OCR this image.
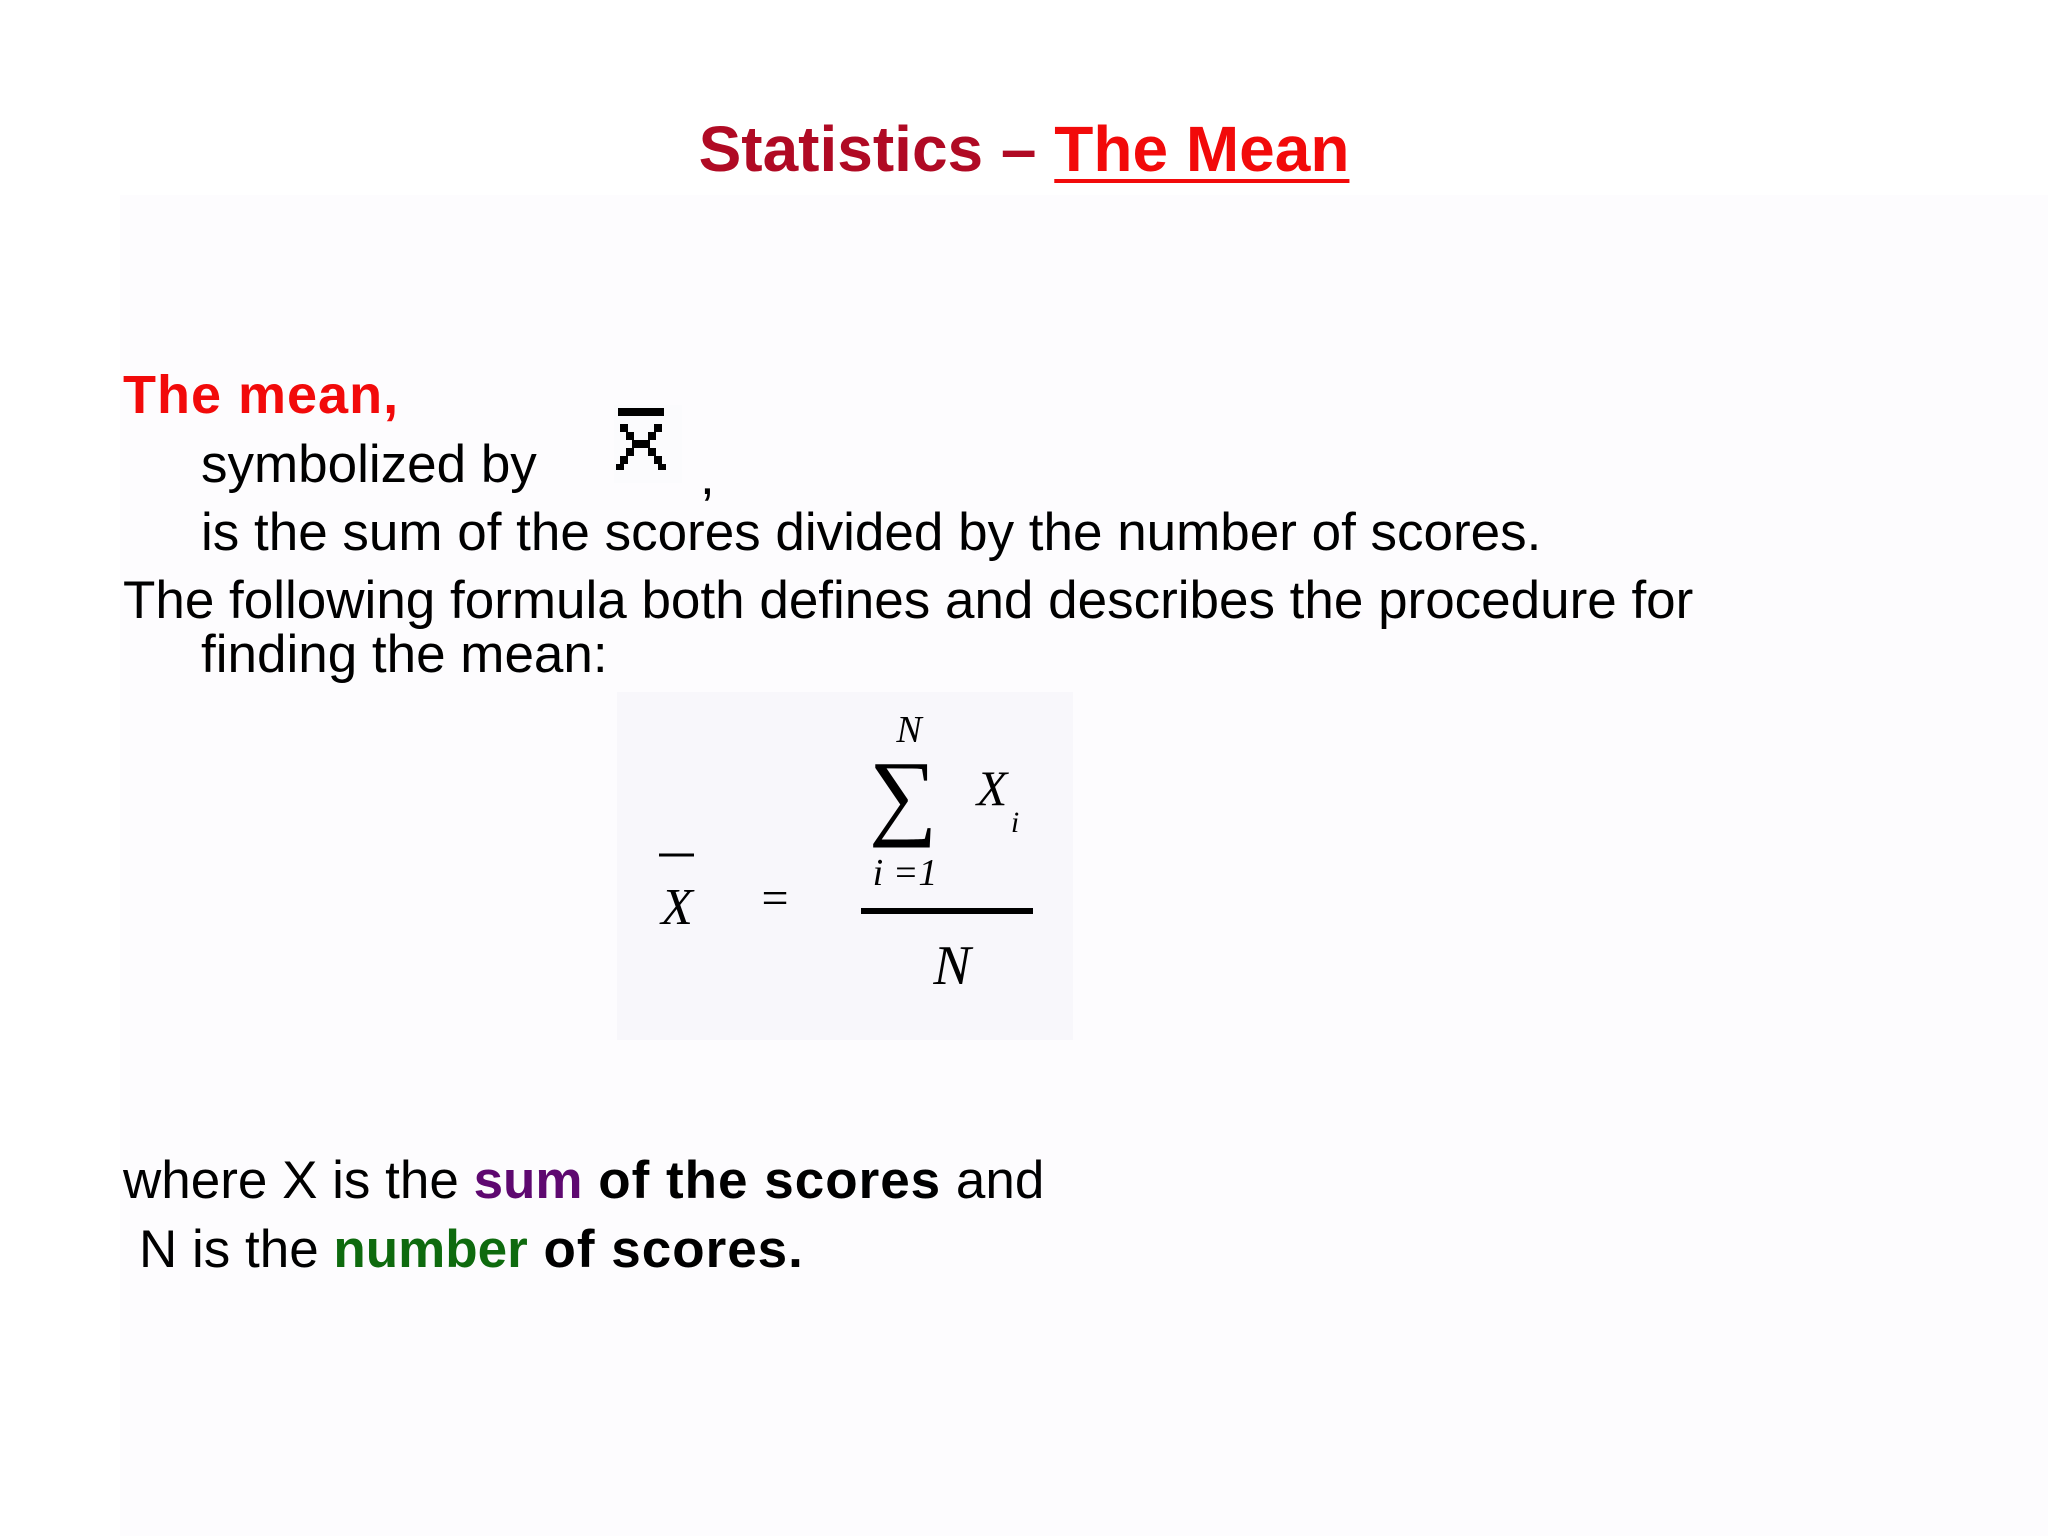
Statistics – The Mean
The mean,
symbolized by	,
is the sum of the scores divided by the number of scores.
The following formula both defines and describes the procedure for
finding the mean:
X =
N
∑ X
i
i =1
N
where X is the sum of the scores and
N is the number of scores.
